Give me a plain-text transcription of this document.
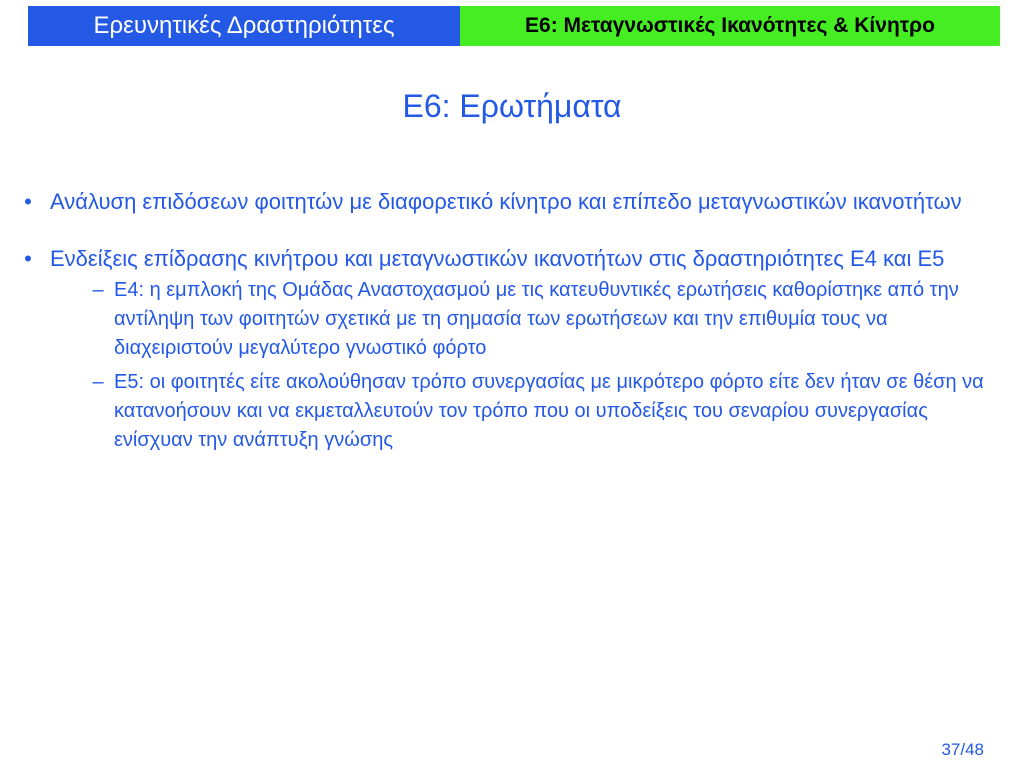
Ερευνητικές Δραστηριότητες	Ε6: Μεταγνωστικές Ικανότητες & Κίνητρο
Ε6: Ερωτήματα
• Ανάλυση επιδόσεων φοιτητών με διαφορετικό κίνητρο και επίπεδο μεταγνωστικών ικανοτήτων
• Ενδείξεις επίδρασης κινήτρου και μεταγνωστικών ικανοτήτων στις δραστηριότητες Ε4 και Ε5
– Ε4: η εμπλοκή της Ομάδας Αναστοχασμού με τις κατευθυντικές ερωτήσεις καθορίστηκε από την αντίληψη των φοιτητών σχετικά με τη σημασία των ερωτήσεων και την επιθυμία τους να διαχειριστούν μεγαλύτερο γνωστικό φόρτο
– Ε5: οι φοιτητές είτε ακολούθησαν τρόπο συνεργασίας με μικρότερο φόρτο είτε δεν ήταν σε θέση να κατανοήσουν και να εκμεταλλευτούν τον τρόπο που οι υποδείξεις του σεναρίου συνεργασίας ενίσχυαν την ανάπτυξη γνώσης
37/48
